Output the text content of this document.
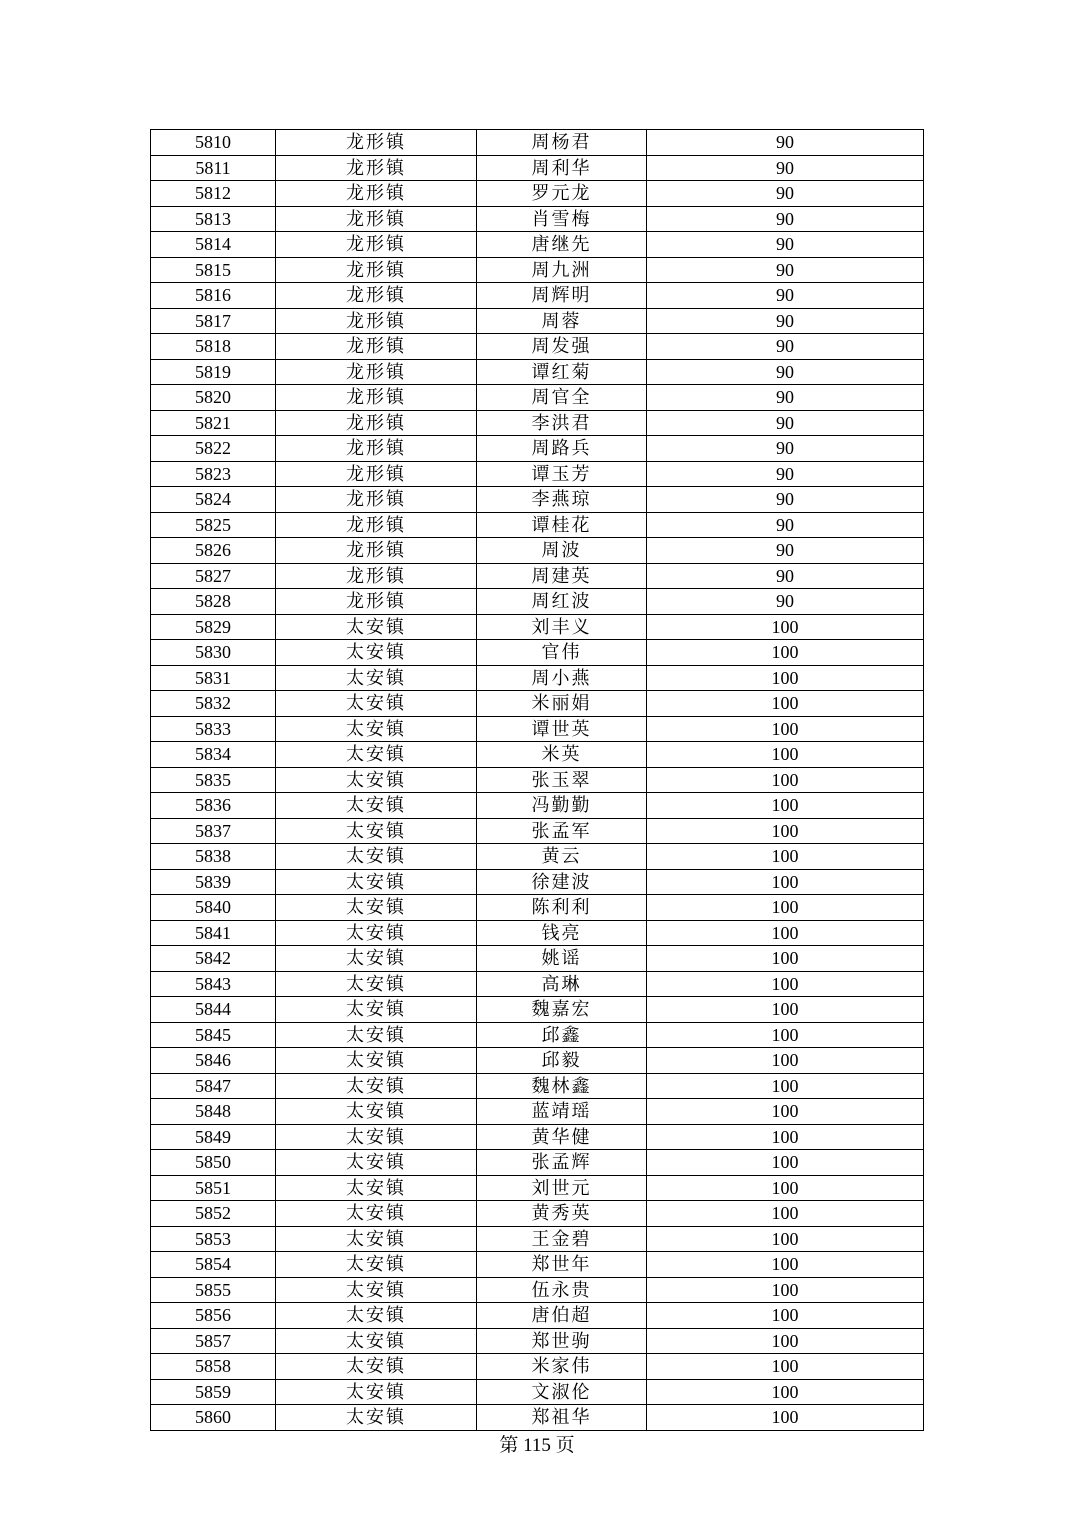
5810	龙形镇	周杨君	90
5811	龙形镇	周利华	90
5812	龙形镇	罗元龙	90
5813	龙形镇	肖雪梅	90
5814	龙形镇	唐继先	90
5815	龙形镇	周九洲	90
5816	龙形镇	周辉明	90
5817	龙形镇	周蓉	90
5818	龙形镇	周发强	90
5819	龙形镇	谭红菊	90
5820	龙形镇	周官全	90
5821	龙形镇	李洪君	90
5822	龙形镇	周路兵	90
5823	龙形镇	谭玉芳	90
5824	龙形镇	李燕琼	90
5825	龙形镇	谭桂花	90
5826	龙形镇	周波	90
5827	龙形镇	周建英	90
5828	龙形镇	周红波	90
5829	太安镇	刘丰义	100
5830	太安镇	官伟	100
5831	太安镇	周小燕	100
5832	太安镇	米丽娟	100
5833	太安镇	谭世英	100
5834	太安镇	米英	100
5835	太安镇	张玉翠	100
5836	太安镇	冯勤勤	100
5837	太安镇	张孟军	100
5838	太安镇	黄云	100
5839	太安镇	徐建波	100
5840	太安镇	陈利利	100
5841	太安镇	钱亮	100
5842	太安镇	姚谣	100
5843	太安镇	高琳	100
5844	太安镇	魏嘉宏	100
5845	太安镇	邱鑫	100
5846	太安镇	邱毅	100
5847	太安镇	魏林鑫	100
5848	太安镇	蓝靖瑶	100
5849	太安镇	黄华健	100
5850	太安镇	张孟辉	100
5851	太安镇	刘世元	100
5852	太安镇	黄秀英	100
5853	太安镇	王金碧	100
5854	太安镇	郑世年	100
5855	太安镇	伍永贵	100
5856	太安镇	唐伯超	100
5857	太安镇	郑世驹	100
5858	太安镇	米家伟	100
5859	太安镇	文淑伦	100
5860	太安镇	郑祖华	100
第 115 页
